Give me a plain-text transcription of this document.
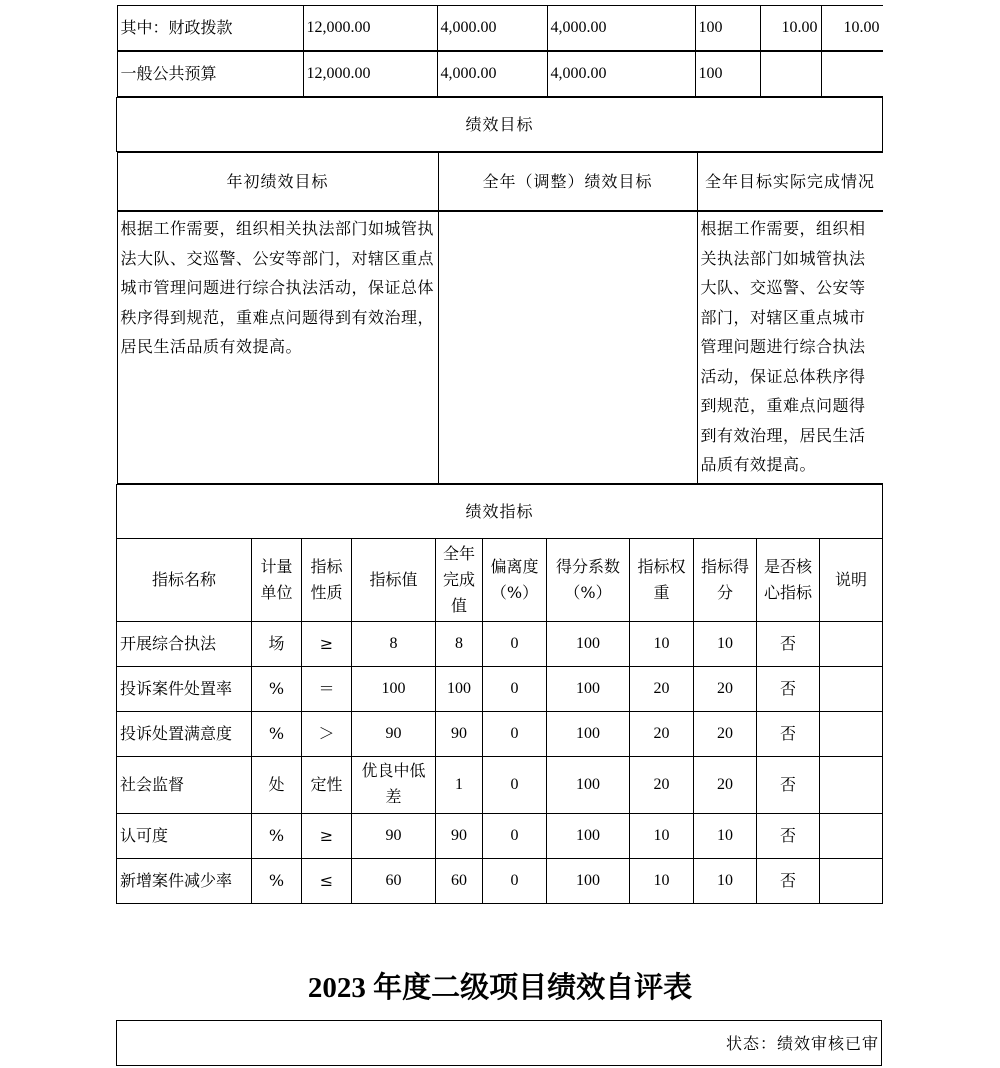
其中：财政拨款	12,000.00	4,000.00	4,000.00	100	10.00	10.00

一般公共预算	12,000.00	4,000.00	4,000.00	100		

绩效目标

年初绩效目标	全年（调整）绩效目标	全年目标实际完成情况

根据工作需要，组织相关执法部门如城管执法大队、交巡警、公安等部门，对辖区重点城市管理问题进行综合执法活动，保证总体秩序得到规范，重难点问题得到有效治理，居民生活品质有效提高。		根据工作需要，组织相关执法部门如城管执法大队、交巡警、公安等部门，对辖区重点城市管理问题进行综合执法活动，保证总体秩序得到规范，重难点问题得到有效治理，居民生活品质有效提高。

绩效指标
指标名称	计量单位	指标性质	指标值	全年完成值	偏离度（%）	得分系数（%）	指标权重	指标得分	是否核心指标	说明
开展综合执法	场	≥	8	8	0	100	10	10	否	
投诉案件处置率	%	＝	100	100	0	100	20	20	否	
投诉处置满意度	%	＞	90	90	0	100	20	20	否	
社会监督	处	定性	优良中低差	1	0	100	20	20	否	
认可度	%	≥	90	90	0	100	10	10	否	
新增案件减少率	%	≤	60	60	0	100	10	10	否	
2023 年度二级项目绩效自评表
状态：绩效审核已审
